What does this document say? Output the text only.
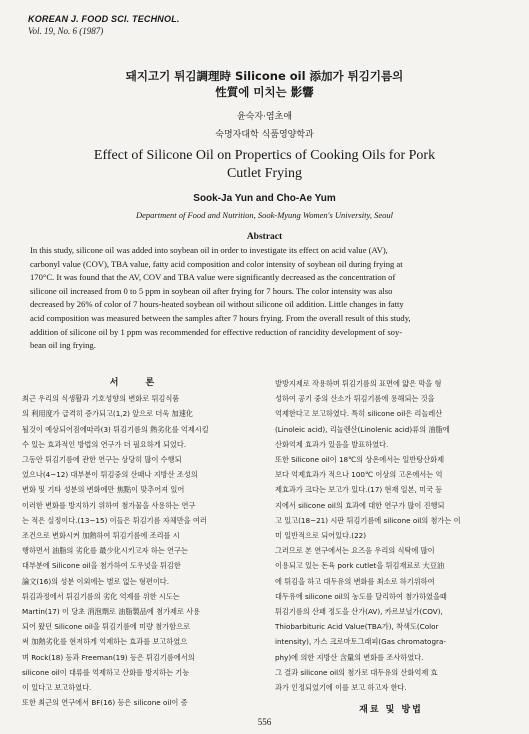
KOREAN J. FOOD SCI. TECHNOL.
Vol. 19, No. 6 (1987)
돼지고기 튀김調理時 Silicone oil 添加가 튀김기름의
性質에 미치는 影響
윤숙자·염초애
숙명자대학 식품영양학과
Effect of Silicone Oil on Propertics of Cooking Oils for Pork
Cutlet Frying
Sook-Ja Yun and Cho-Ae Yum
Department of Food and Nutrition, Sook-Myung Women's University, Seoul
Abstract
In this study, silicone oil was added into soybean oil in order to investigate its effect on acid value (AV),
carbonyl value (COV), TBA value, fatty acid composition and color intensity of soybean oil during frying at
170°C. It was found that the AV, COV and TBA value were significantly decreased as the concentration of
silicone oil increased from 0 to 5 ppm in soybean oil after frying for 7 hours. The color intensity was also
decreased by 26% of color of 7 hours-heated soybean oil without silicone oil addition. Little changes in fatty
acid composition was measured between the samples after 7 hours frying. From the overall result of this study,
addition of silicone oil by 1 ppm was recommended for effective reduction of rancidity development of soy-
bean oil ing frying.
서 론
최근 우리의 식생활과 기호성향의 변화로 튀김식품
의 利用度가 급격히 증가되고(1,2) 앞으로 더욱 加速化
될것이 예상되어짐에따라(3) 튀김기름의 熱劣化를 억제시킬
수 있는 효과적인 방법의 연구가 더 필요하게 되었다.
그동안 튀김기름에 관한 연구는 상당히 많이 수행되
었으나(4~12) 대부분이 튀김중의 산패나 지방산 조성의
변화 및 기타 성분의 변화에만 焦點이 맞추어져 있어
이러한 변화를 방지하기 위하여 첨가물을 사용하는 연구
는 적은 실정이다.(13~15) 이들은 튀김기름 자체만을 여러
조건으로 변화시켜 加熱하여 튀김기름에 조리를 시
행하면서 油脂의 劣化를 最少化시키고자 하는 연구는
대부분에 Silicone oil을 첨가하여 도우넛을 튀김한
論文(16)의 성분 이외에는 별로 없는 형편이다.
튀김과정에서 튀김기름의 劣化 억제를 위한 시도는
Martin(17) 이 당초 消泡劑로 油脂製品에 첨가제로 사용
되어 왔던 Silicone oil을 튀김기름에 미량 첨가함으로
써 加熱劣化를 현저하게 억제하는 효과를 보고하였으
며 Rock(18) 등과 Freeman(19) 등은 튀김기름에서의
silicone oil이 대류를 억제하고 산화를 방지하는 기능
이 있다고 보고하였다.
또한 최근의 연구에서 BF(16) 등은 silicone oil이 증
발방지제로 작용하며 튀김기름의 표면에 얇은 막을 형
성하여 공기 중의 산소가 튀김기름에 용해되는 것을
억제한다고 보고하였다. 특히 silicone oil은 리놀레산
(Linoleic acid), 리놀렌산(Linolenic acid)류의 油脂에
산화억제 효과가 있음을 발표하였다.
또한 Silicone oil이 18℃의 상온에서는 일반탕산화제
보다 억제효과가 적으나 100℃ 이상의 고온에서는 억
제효과가 크다는 보고가 있다.(17) 현재 일본, 미국 등
지에서 silicone oil의 효과에 대한 연구가 많이 진행되
고 있고(18~21) 시판 튀김기름에 silicone oil의 첨가는 이
미 일반적으로 되어있다.(22)
그러므로 본 연구에서는 요즈음 우리의 식탁에 많이
이용되고 있는 돈육 pork cutlet을 튀김재료로 大豆油
에 튀김을 하고 대두유의 변화를 최소로 하기위하여
대두유에 silicone oil의 농도를 달리하여 첨가하였을때
튀김기름의 산패 정도을 산가(AV), 카르보닐가(COV),
Thiobarbituric Acid Value(TBA가), 착색도(Color
intensity), 가스 크로마토그래피(Gas chromatogra-
phy)에 의한 지방산 含量의 변화를 조사하였다.
그 결과 silicone oil의 첨가로 대두유의 산화억제 효
과가 인정되었기에 이를 보고 하고자 한다.
재료 및 방법
556
